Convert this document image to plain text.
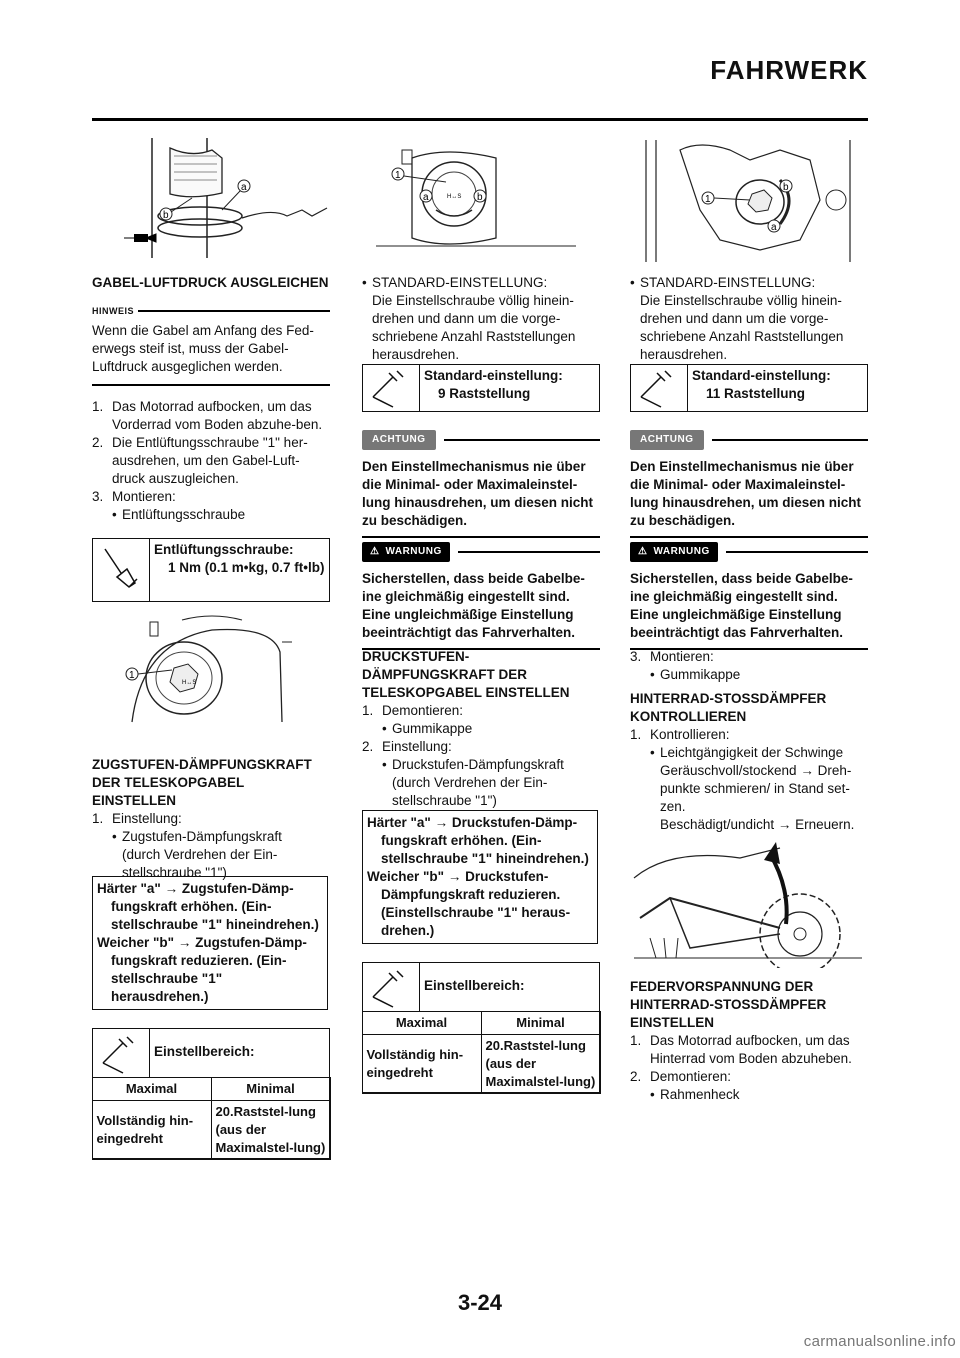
FAHRWERK
a
b

GABEL-LUFTDRUCK AUSGLEICHEN

HINWEIS
Wenn die Gabel am Anfang des Fed-erwegs steif ist, muss der Gabel-Luftdruck ausgeglichen werden.
1. Das Motorrad aufbocken, um das Vorderrad vom Boden abzuhe-ben.
2. Die Entlüftungsschraube "1" her-ausdrehen, um den Gabel-Luft-druck auszugleichen.
3. Montieren:
• Entlüftungsschraube
Entlüftungsschraube:
1 Nm (0.1 m•kg, 0.7 ft•lb)
H↔S
1

ZUGSTUFEN-DÄMPFUNGSKRAFT DER TELESKOPGABEL EINSTELLEN

1. Einstellung:
• Zugstufen-Dämpfungskraft
(durch Verdrehen der Ein-stellschraube "1")
Härter "a" → Zugstufen-Dämp-fungskraft erhöhen. (Ein-stellschraube "1" hineindrehen.)
Weicher "b" → Zugstufen-Dämp-fungskraft reduzieren. (Ein-stellschraube "1" herausdrehen.)
Einstellbereich:
Maximal	Minimal
Vollständig hin-eingedreht	20.Raststel-lung (aus der Maximalstel-lung)
H↔S
a	b
1
• STANDARD-EINSTELLUNG:
Die Einstellschraube völlig hinein-drehen und dann um die vorge-schriebene Anzahl Raststellungen herausdrehen.
Standard-einstellung:
9 Raststellung
ACHTUNG
Den Einstellmechanismus nie über die Minimal- oder Maximaleinstel-lung hinausdrehen, um diesen nicht zu beschädigen.
⚠ WARNUNG
Sicherstellen, dass beide Gabelbe-ine gleichmäßig eingestellt sind. Eine ungleichmäßige Einstellung beeinträchtigt das Fahrverhalten.

DRUCKSTUFEN-DÄMPFUNGSKRAFT DER TELESKOPGABEL EINSTELLEN

1. Demontieren:
• Gummikappe
2. Einstellung:
• Druckstufen-Dämpfungskraft
(durch Verdrehen der Ein-stellschraube "1")
Härter "a" → Druckstufen-Dämp-fungskraft erhöhen. (Ein-stellschraube "1" hineindrehen.)
Weicher "b" → Druckstufen-Dämpfungskraft reduzieren. (Einstellschraube "1" heraus-drehen.)
Einstellbereich:
Maximal	Minimal
Vollständig hin-eingedreht	20.Raststel-lung (aus der Maximalstel-lung)
b
a
1
• STANDARD-EINSTELLUNG:
Die Einstellschraube völlig hinein-drehen und dann um die vorge-schriebene Anzahl Raststellungen herausdrehen.
Standard-einstellung:
11 Raststellung
ACHTUNG
Den Einstellmechanismus nie über die Minimal- oder Maximaleinstel-lung hinausdrehen, um diesen nicht zu beschädigen.
⚠ WARNUNG
Sicherstellen, dass beide Gabelbe-ine gleichmäßig eingestellt sind. Eine ungleichmäßige Einstellung beeinträchtigt das Fahrverhalten.
3. Montieren:
• Gummikappe

HINTERRAD-STOSSDÄMPFER KONTROLLIEREN

1. Kontrollieren:
• Leichtgängigkeit der Schwinge
Geräuschvoll/stockend → Dreh-punkte schmieren/ in Stand set-zen.
Beschädigt/undicht → Erneuern.

FEDERVORSPANNUNG DER HINTERRAD-STOSSDÄMPFER EINSTELLEN

1. Das Motorrad aufbocken, um das Hinterrad vom Boden abzuheben.
2. Demontieren:
• Rahmenheck
3-24
carmanualsonline.info
